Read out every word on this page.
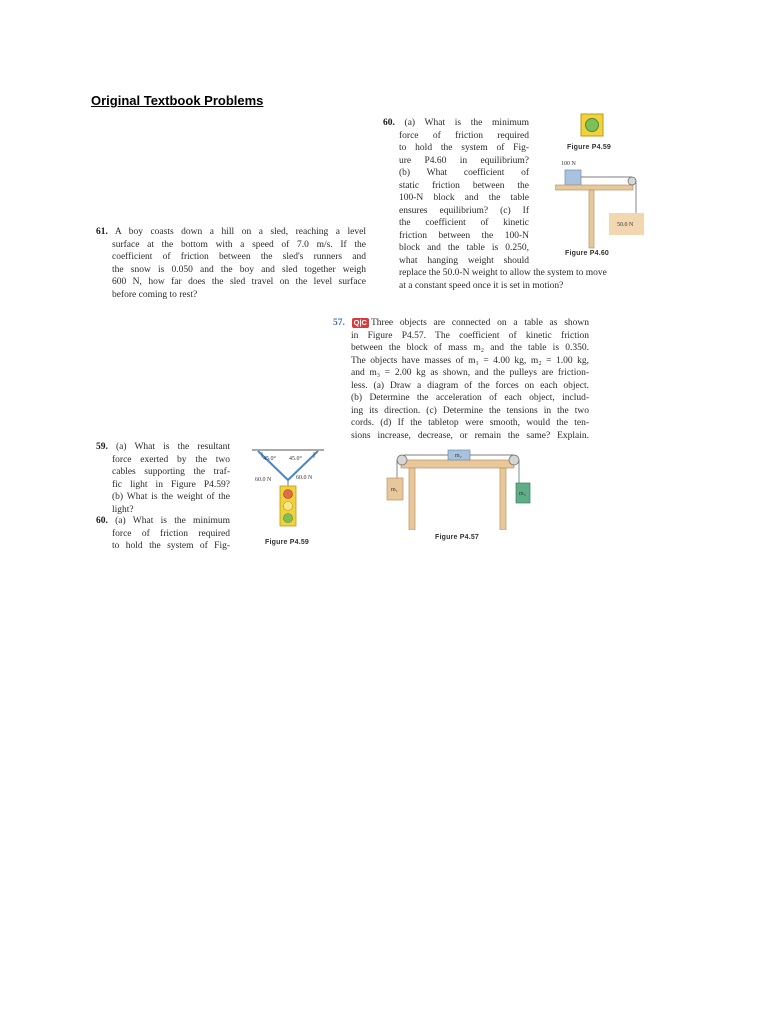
Original Textbook Problems
60. (a) What is the minimum
force of friction required
to hold the system of Fig-
ure P4.60 in equilibrium?
(b) What coefficient of
static friction between the
100-N block and the table
ensures equilibrium? (c) If
the coefficient of kinetic
friction between the 100-N
block and the table is 0.250,
what hanging weight should
replace the 50.0-N weight to allow the system to move
at a constant speed once it is set in motion?
Figure P4.59
100 N
50.0 N
Figure P4.60
61. A boy coasts down a hill on a sled, reaching a level
surface at the bottom with a speed of 7.0 m/s. If the
coefficient of friction between the sled's runners and
the snow is 0.050 and the boy and sled together weigh
600 N, how far does the sled travel on the level surface
before coming to rest?
57. Q|C Three objects are connected on a table as shown
in Figure P4.57. The coefficient of kinetic friction
between the block of mass m₂ and the table is 0.350.
The objects have masses of m₁ = 4.00 kg, m₂ = 1.00 kg,
and m₃ = 2.00 kg as shown, and the pulleys are friction-
less. (a) Draw a diagram of the forces on each object.
(b) Determine the acceleration of each object, includ-
ing its direction. (c) Determine the tensions in the two
cords. (d) If the tabletop were smooth, would the ten-
sions increase, decrease, or remain the same? Explain.
59. (a) What is the resultant
force exerted by the two
cables supporting the traf-
fic light in Figure P4.59?
(b) What is the weight of the
light?
60. (a) What is the minimum
force of friction required
to hold the system of Fig-
45.0° 45.0°
60.0 N	60.0 N
Figure P4.59
m₂
m₁
m₃
Figure P4.57
